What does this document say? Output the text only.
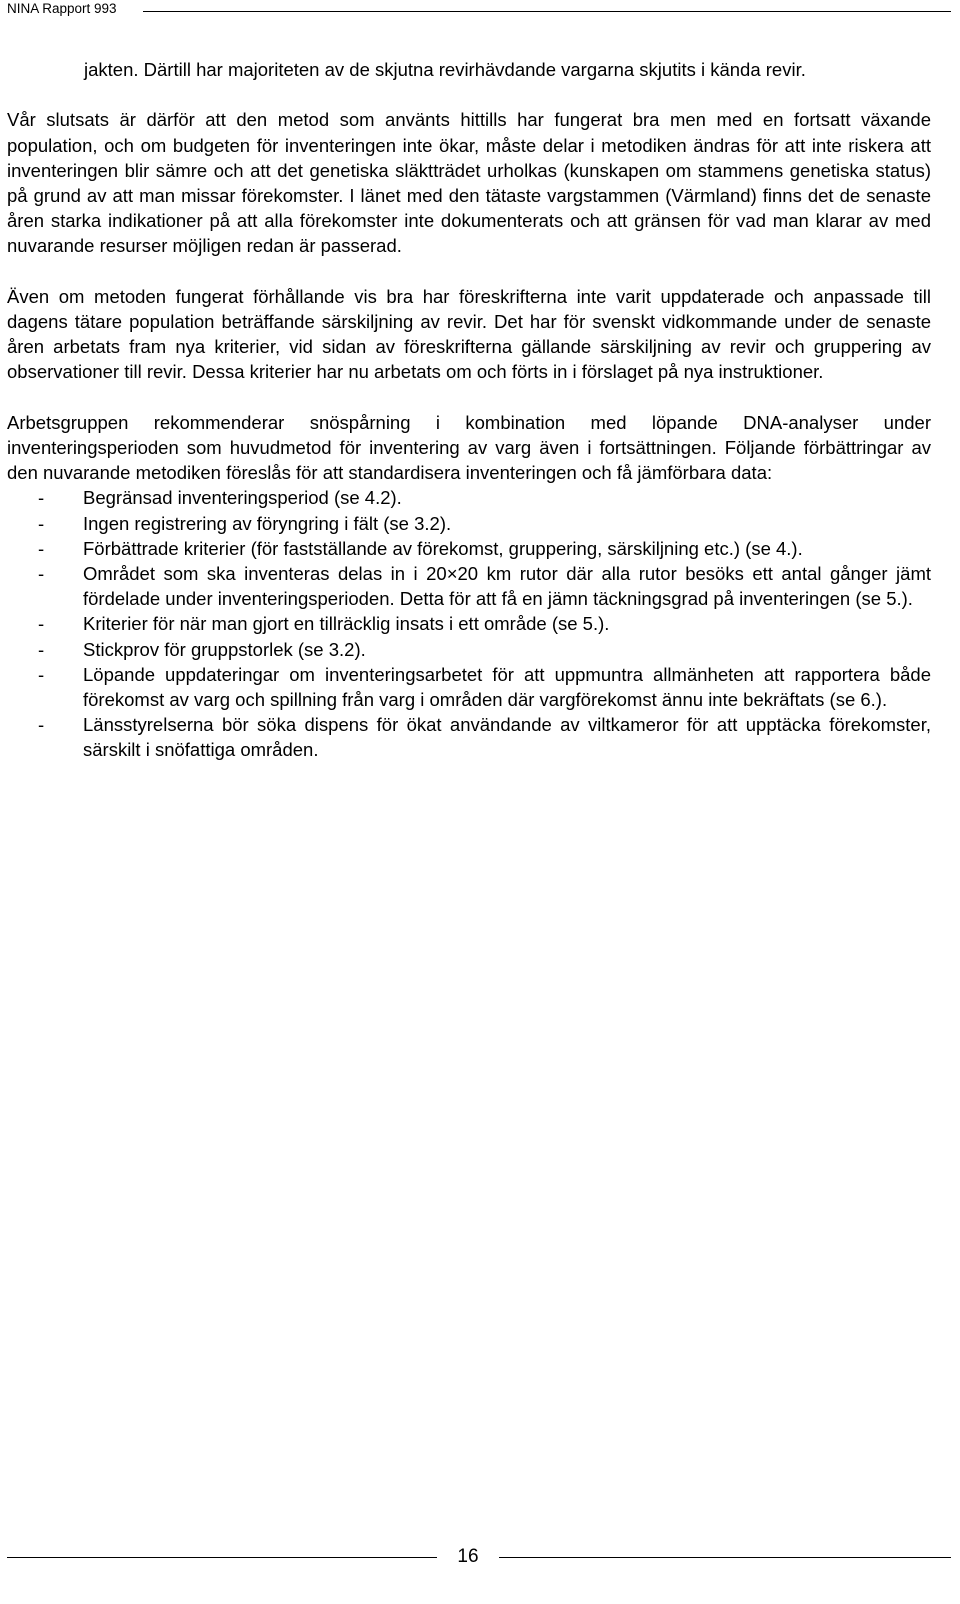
NINA Rapport 993

jakten. Därtill har majoriteten av de skjutna revirhävdande vargarna skjutits i kända revir.

Vår slutsats är därför att den metod som använts hittills har fungerat bra men med en fortsatt växande population, och om budgeten för inventeringen inte ökar, måste delar i metodiken ändras för att inte riskera att inventeringen blir sämre och att det genetiska släktträdet urholkas (kunskapen om stammens genetiska status) på grund av att man missar förekomster. I länet med den tätaste vargstammen (Värmland) finns det de senaste åren starka indikationer på att alla förekomster inte dokumenterats och att gränsen för vad man klarar av med nuvarande resurser möjligen redan är passerad.

Även om metoden fungerat förhållande vis bra har föreskrifterna inte varit uppdaterade och anpassade till dagens tätare population beträffande särskiljning av revir. Det har för svenskt vidkommande under de senaste åren arbetats fram nya kriterier, vid sidan av föreskrifterna gällande särskiljning av revir och gruppering av observationer till revir. Dessa kriterier har nu arbetats om och förts in i förslaget på nya instruktioner.

Arbetsgruppen rekommenderar snöspårning i kombination med löpande DNA-analyser under inventeringsperioden som huvudmetod för inventering av varg även i fortsättningen. Följande förbättringar av den nuvarande metodiken föreslås för att standardisera inventeringen och få jämförbara data:

- Begränsad inventeringsperiod (se 4.2).
- Ingen registrering av föryngring i fält (se 3.2).
- Förbättrade kriterier (för fastställande av förekomst, gruppering, särskiljning etc.) (se 4.).
- Området som ska inventeras delas in i 20×20 km rutor där alla rutor besöks ett antal gånger jämt fördelade under inventeringsperioden. Detta för att få en jämn täckningsgrad på inventeringen (se 5.).
- Kriterier för när man gjort en tillräcklig insats i ett område (se 5.).
- Stickprov för gruppstorlek (se 3.2).
- Löpande uppdateringar om inventeringsarbetet för att uppmuntra allmänheten att rapportera både förekomst av varg och spillning från varg i områden där vargförekomst ännu inte bekräftats (se 6.).
- Länsstyrelserna bör söka dispens för ökat användande av viltkameror för att upptäcka förekomster, särskilt i snöfattiga områden.
16
